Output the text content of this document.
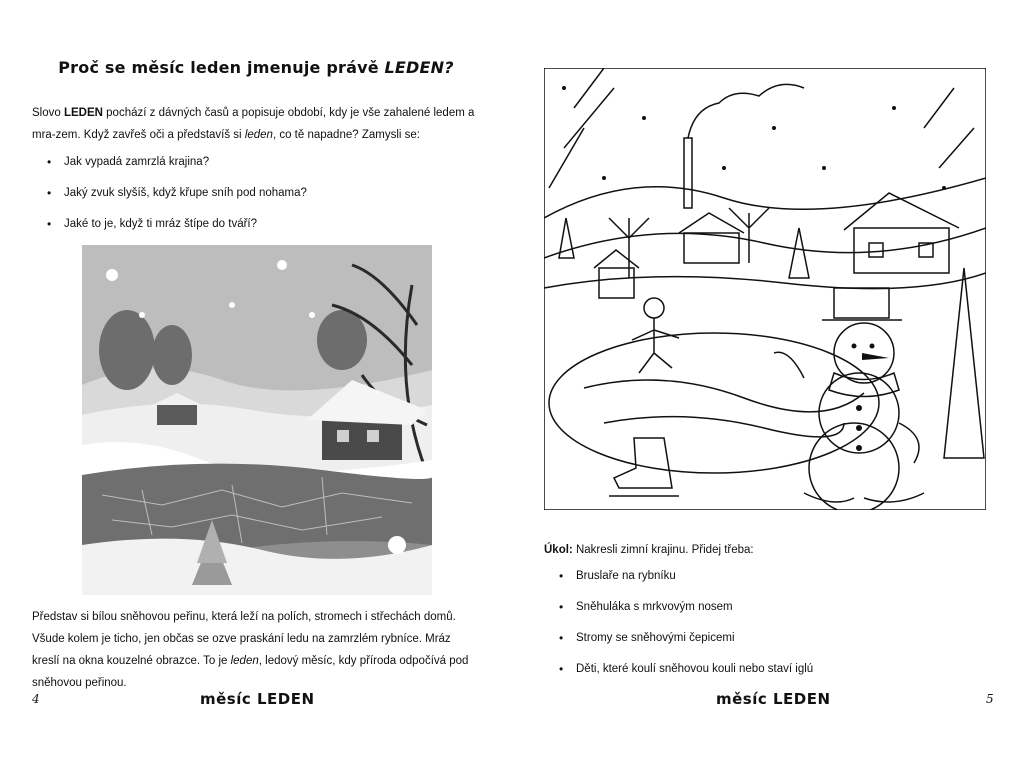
Proč se měsíc leden jmenuje právě LEDEN?

Slovo LEDEN pochází z dávných časů a popisuje období, kdy je vše zahalené ledem a mra-zem. Když zavřeš oči a představíš si leden, co tě napadne? Zamysli se:

• Jak vypadá zamrzlá krajina?
• Jaký zvuk slyšíš, když křupe sníh pod nohama?
• Jaké to je, když ti mráz štípe do tváří?

Představ si bílou sněhovou peřinu, která leží na polích, stromech i střechách domů. Všude kolem je ticho, jen občas se ozve praskání ledu na zamrzlém rybníce. Mráz kreslí na okna kouzelné obrazce. To je leden, ledový měsíc, kdy příroda odpočívá pod sněhovou peřinou.

4	měsíc LEDEN

Úkol: Nakresli zimní krajinu. Přidej třeba:

• Bruslaře na rybníku
• Sněhuláka s mrkvovým nosem
• Stromy se sněhovými čepicemi
• Děti, které koulí sněhovou kouli nebo staví iglú
měsíc LEDEN	5
